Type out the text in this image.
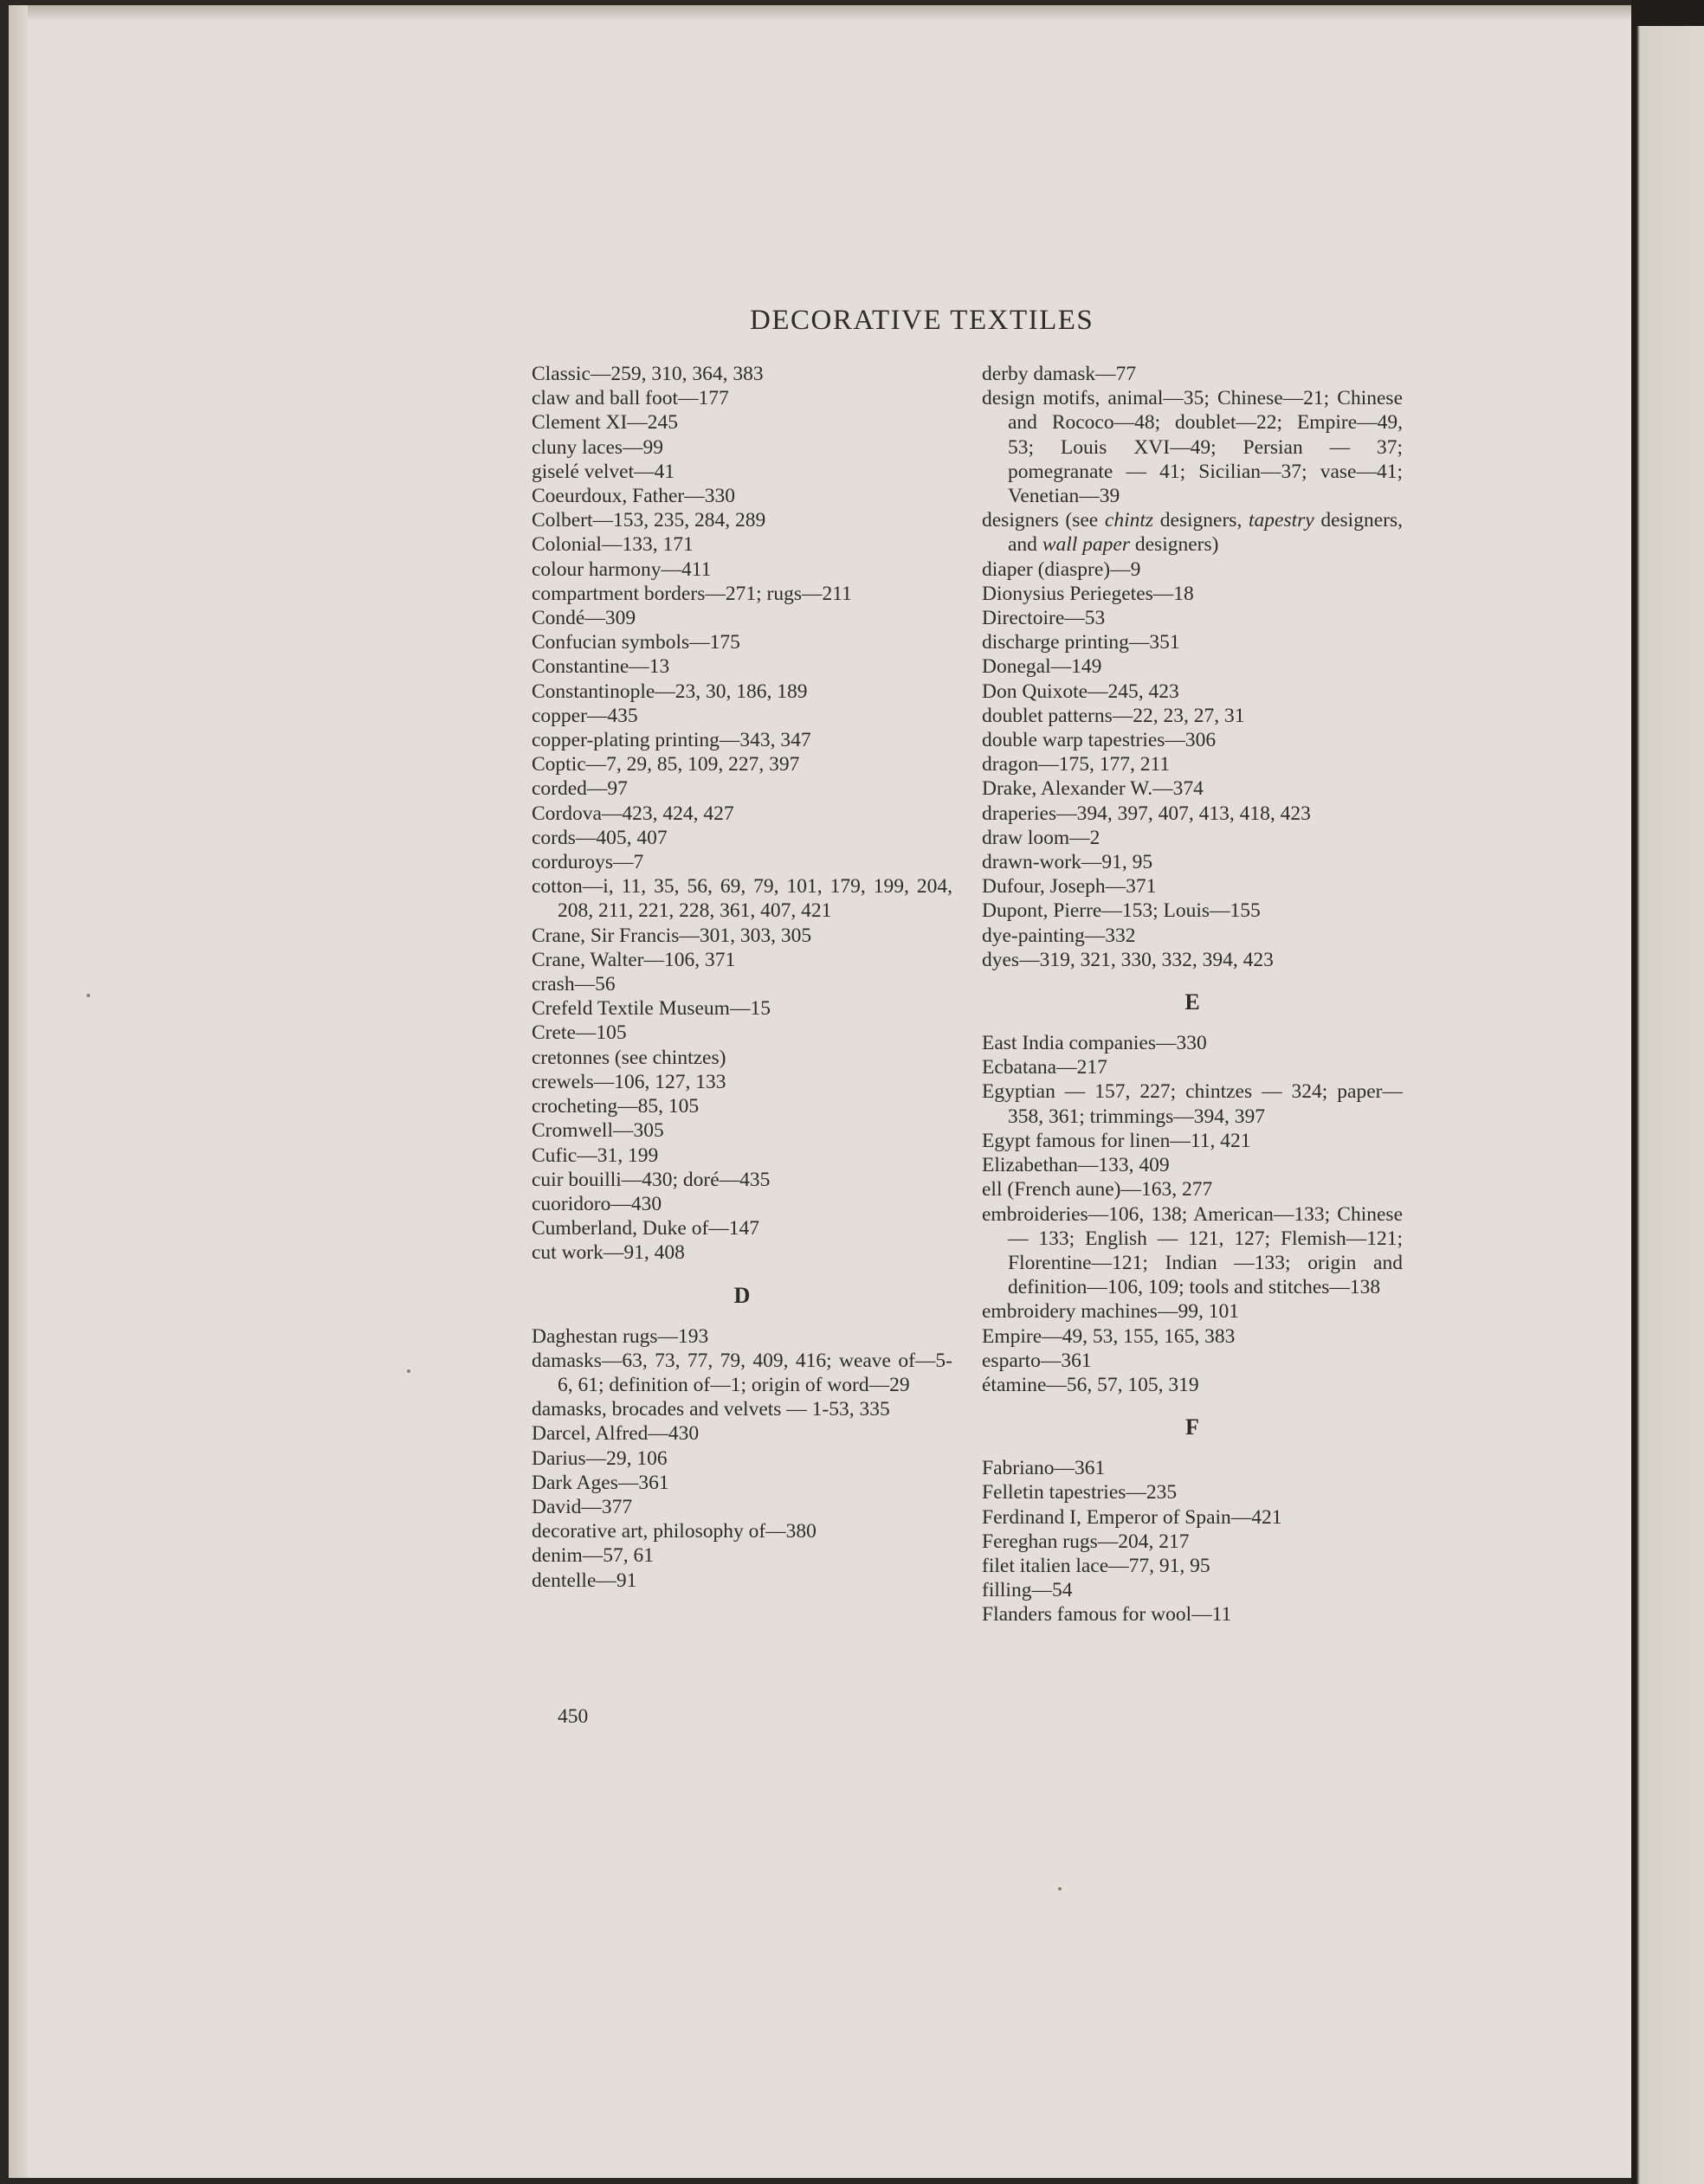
DECORATIVE TEXTILES
Classic—259, 310, 364, 383
claw and ball foot—177
Clement XI—245
cluny laces—99
giselé velvet—41
Coeurdoux, Father—330
Colbert—153, 235, 284, 289
Colonial—133, 171
colour harmony—411
compartment borders—271; rugs—211
Condé—309
Confucian symbols—175
Constantine—13
Constantinople—23, 30, 186, 189
copper—435
copper-plating printing—343, 347
Coptic—7, 29, 85, 109, 227, 397
corded—97
Cordova—423, 424, 427
cords—405, 407
corduroys—7
cotton—i, 11, 35, 56, 69, 79, 101, 179, 199, 204, 208, 211, 221, 228, 361, 407, 421
Crane, Sir Francis—301, 303, 305
Crane, Walter—106, 371
crash—56
Crefeld Textile Museum—15
Crete—105
cretonnes (see chintzes)
crewels—106, 127, 133
crocheting—85, 105
Cromwell—305
Cufic—31, 199
cuir bouilli—430; doré—435
cuoridoro—430
Cumberland, Duke of—147
cut work—91, 408
D
Daghestan rugs—193
damasks—63, 73, 77, 79, 409, 416; weave of—5-6, 61; definition of—1; origin of word—29
damasks, brocades and velvets — 1-53, 335
Darcel, Alfred—430
Darius—29, 106
Dark Ages—361
David—377
decorative art, philosophy of—380
denim—57, 61
dentelle—91
derby damask—77
design motifs, animal—35; Chinese—21; Chinese and Rococo—48; doublet—22; Empire—49, 53; Louis XVI—49; Persian — 37; pomegranate — 41; Sicilian—37; vase—41; Venetian—39
designers (see chintz designers, tapestry designers, and wall paper designers)
diaper (diaspre)—9
Dionysius Periegetes—18
Directoire—53
discharge printing—351
Donegal—149
Don Quixote—245, 423
doublet patterns—22, 23, 27, 31
double warp tapestries—306
dragon—175, 177, 211
Drake, Alexander W.—374
draperies—394, 397, 407, 413, 418, 423
draw loom—2
drawn-work—91, 95
Dufour, Joseph—371
Dupont, Pierre—153; Louis—155
dye-painting—332
dyes—319, 321, 330, 332, 394, 423
E
East India companies—330
Ecbatana—217
Egyptian — 157, 227; chintzes — 324; paper—358, 361; trimmings—394, 397
Egypt famous for linen—11, 421
Elizabethan—133, 409
ell (French aune)—163, 277
embroideries—106, 138; American—133; Chinese — 133; English — 121, 127; Flemish—121; Florentine—121; Indian —133; origin and definition—106, 109; tools and stitches—138
embroidery machines—99, 101
Empire—49, 53, 155, 165, 383
esparto—361
étamine—56, 57, 105, 319
F
Fabriano—361
Felletin tapestries—235
Ferdinand I, Emperor of Spain—421
Fereghan rugs—204, 217
filet italien lace—77, 91, 95
filling—54
Flanders famous for wool—11
450
